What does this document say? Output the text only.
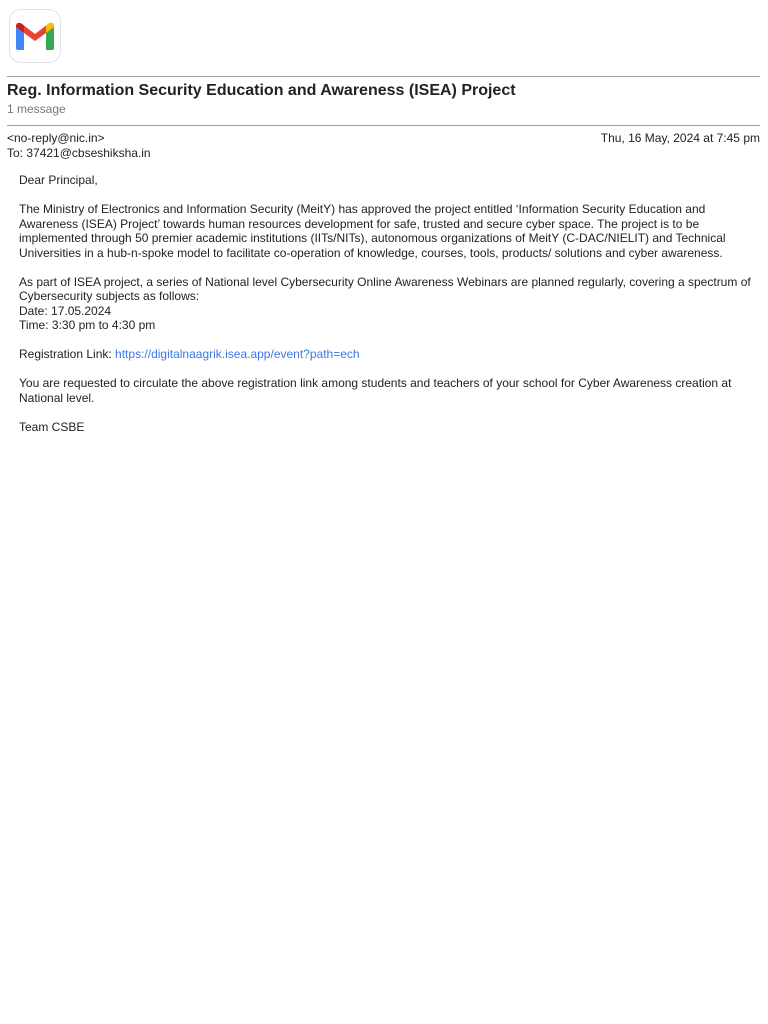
Reg. Information Security Education and Awareness (ISEA) Project
1 message
<no-reply@nic.in>	Thu, 16 May, 2024 at 7:45 pm
To: 37421@cbseshiksha.in

Dear Principal,

The Ministry of Electronics and Information Security (MeitY) has approved the project entitled ‘Information Security Education and Awareness (ISEA) Project’ towards human resources development for safe, trusted and secure cyber space. The project is to be implemented through 50 premier academic institutions (IITs/NITs), autonomous organizations of MeitY (C-DAC/NIELIT) and Technical Universities in a hub-n-spoke model to facilitate co-operation of knowledge, courses, tools, products/ solutions and cyber awareness.

As part of ISEA project, a series of National level Cybersecurity Online Awareness Webinars are planned regularly, covering a spectrum of Cybersecurity subjects as follows:
Date: 17.05.2024
Time: 3:30 pm to 4:30 pm

Registration Link: https://digitalnaagrik.isea.app/event?path=ech

You are requested to circulate the above registration link among students and teachers of your school for Cyber Awareness creation at National level.

Team CSBE
